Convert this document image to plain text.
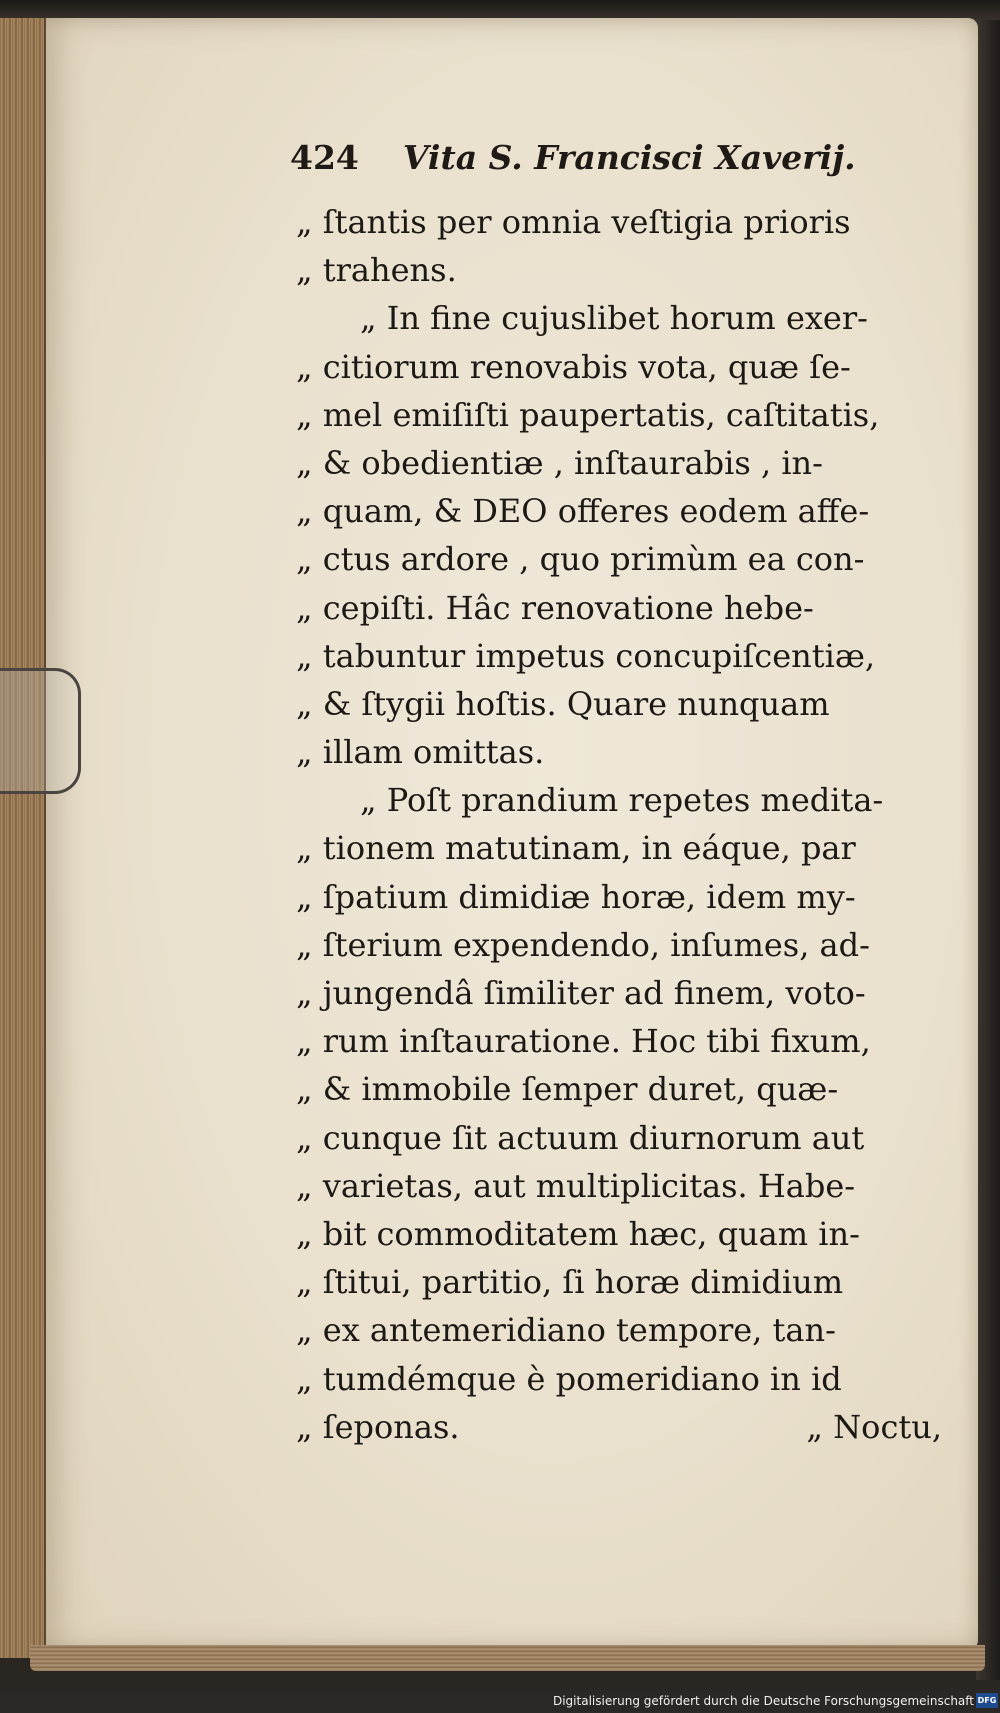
424 Vita S. Francisci Xaverij.
„ ſtantis per omnia veſtigia prioris
„ trahens.
„ In fine cujuslibet horum exer-
„ citiorum renovabis vota, quæ ſe-
„ mel emiſiſti paupertatis, caſtitatis,
„ & obedientiæ , inſtaurabis , in-
„ quam, & DEO offeres eodem affe-
„ ctus ardore , quo primùm ea con-
„ cepiſti. Hâc renovatione hebe-
„ tabuntur impetus concupiſcentiæ,
„ & ſtygii hoſtis. Quare nunquam
„ illam omittas.
„ Poſt prandium repetes medita-
„ tionem matutinam, in eáque, par
„ ſpatium dimidiæ horæ, idem my-
„ ſterium expendendo, inſumes, ad-
„ jungendâ ſimiliter ad finem, voto-
„ rum inſtauratione. Hoc tibi fixum,
„ & immobile ſemper duret, quæ-
„ cunque ſit actuum diurnorum aut
„ varietas, aut multiplicitas. Habe-
„ bit commoditatem hæc, quam in-
„ ſtitui, partitio, ſi horæ dimidium
„ ex antemeridiano tempore, tan-
„ tumdémque è pomeridiano in id
„ ſeponas.	„ Noctu,
Digitalisierung gefördert durch die Deutsche Forschungsgemeinschaft DFG
